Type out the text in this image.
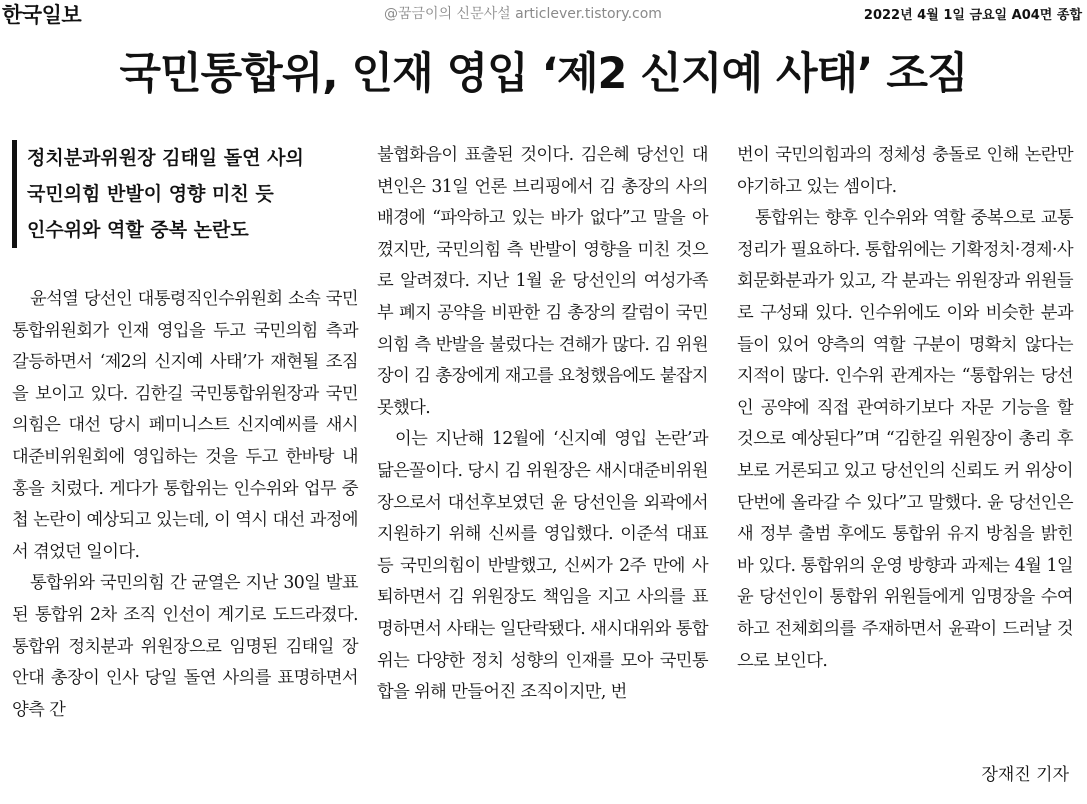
한국일보	@꿈금이의 신문사설 articlever.tistory.com	2022년 4월 1일 금요일 A04면 종합
국민통합위, 인재 영입 ‘제2 신지예 사태’ 조짐
정치분과위원장 김태일 돌연 사의
국민의힘 반발이 영향 미친 듯
인수위와 역할 중복 논란도

윤석열 당선인 대통령직인수위원회 소속 국민통합위원회가 인재 영입을 두고 국민의힘 측과 갈등하면서 ‘제2의 신지예 사태’가 재현될 조짐을 보이고 있다. 김한길 국민통합위원장과 국민의힘은 대선 당시 페미니스트 신지예씨를 새시대준비위원회에 영입하는 것을 두고 한바탕 내홍을 치렀다. 게다가 통합위는 인수위와 업무 중첩 논란이 예상되고 있는데, 이 역시 대선 과정에서 겪었던 일이다.

통합위와 국민의힘 간 균열은 지난 30일 발표된 통합위 2차 조직 인선이 계기로 도드라졌다. 통합위 정치분과 위원장으로 임명된 김태일 장안대 총장이 인사 당일 돌연 사의를 표명하면서 양측 간

불협화음이 표출된 것이다. 김은혜 당선인 대변인은 31일 언론 브리핑에서 김 총장의 사의 배경에 “파악하고 있는 바가 없다”고 말을 아꼈지만, 국민의힘 측 반발이 영향을 미친 것으로 알려졌다. 지난 1월 윤 당선인의 여성가족부 폐지 공약을 비판한 김 총장의 칼럼이 국민의힘 측 반발을 불렀다는 견해가 많다. 김 위원장이 김 총장에게 재고를 요청했음에도 붙잡지 못했다.

이는 지난해 12월에 ‘신지예 영입 논란’과 닮은꼴이다. 당시 김 위원장은 새시대준비위원장으로서 대선후보였던 윤 당선인을 외곽에서 지원하기 위해 신씨를 영입했다. 이준석 대표 등 국민의힘이 반발했고, 신씨가 2주 만에 사퇴하면서 김 위원장도 책임을 지고 사의를 표명하면서 사태는 일단락됐다. 새시대위와 통합위는 다양한 정치 성향의 인재를 모아 국민통합을 위해 만들어진 조직이지만, 번

번이 국민의힘과의 정체성 충돌로 인해 논란만 야기하고 있는 셈이다.

통합위는 향후 인수위와 역할 중복으로 교통정리가 필요하다. 통합위에는 기확정치·경제·사회문화분과가 있고, 각 분과는 위원장과 위원들로 구성돼 있다. 인수위에도 이와 비슷한 분과들이 있어 양측의 역할 구분이 명확치 않다는 지적이 많다. 인수위 관계자는 “통합위는 당선인 공약에 직접 관여하기보다 자문 기능을 할 것으로 예상된다”며 “김한길 위원장이 총리 후보로 거론되고 있고 당선인의 신뢰도 커 위상이 단번에 올라갈 수 있다”고 말했다. 윤 당선인은 새 정부 출범 후에도 통합위 유지 방침을 밝힌 바 있다. 통합위의 운영 방향과 과제는 4월 1일 윤 당선인이 통합위 위원들에게 임명장을 수여하고 전체회의를 주재하면서 윤곽이 드러날 것으로 보인다.

장재진 기자
